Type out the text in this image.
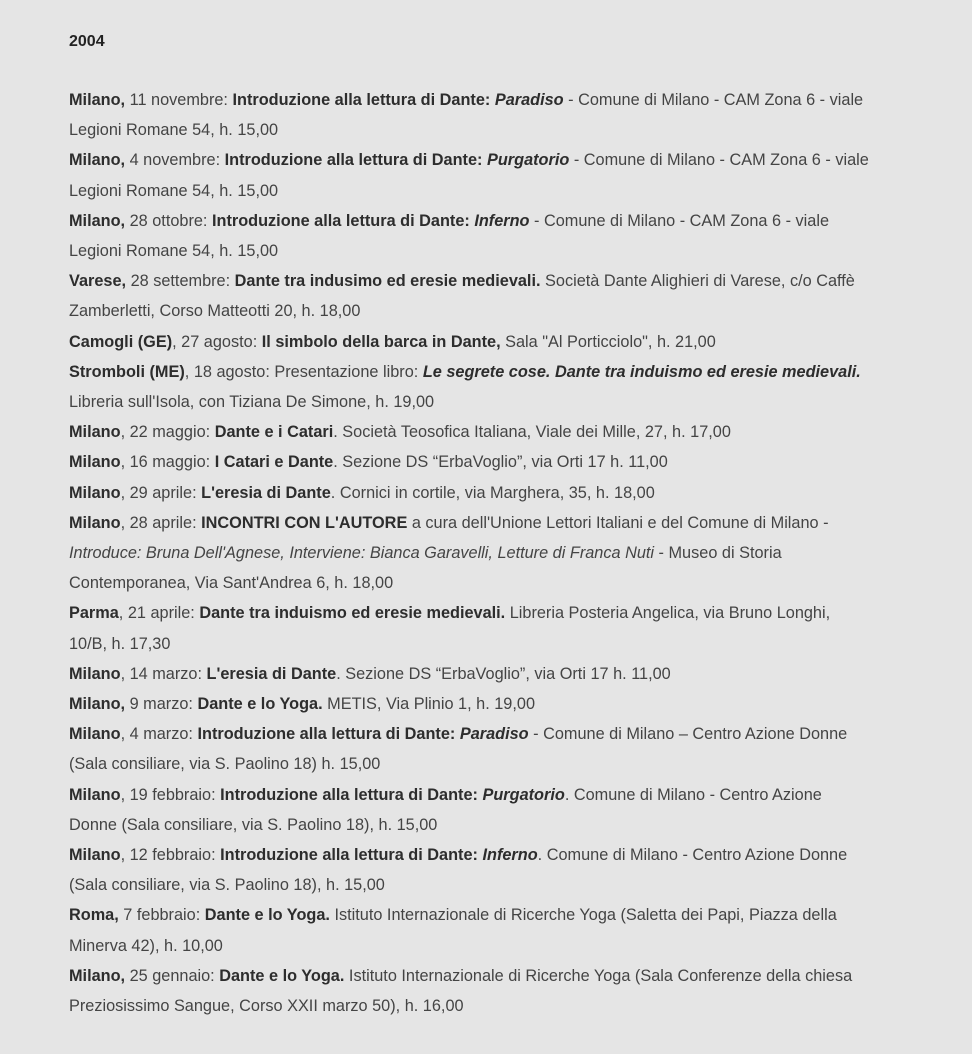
2004

Milano, 11 novembre: Introduzione alla lettura di Dante: Paradiso - Comune di Milano - CAM Zona 6 - viale Legioni Romane 54, h. 15,00

Milano, 4 novembre: Introduzione alla lettura di Dante: Purgatorio - Comune di Milano - CAM Zona 6 - viale Legioni Romane 54, h. 15,00

Milano, 28 ottobre: Introduzione alla lettura di Dante: Inferno - Comune di Milano - CAM Zona 6 - viale Legioni Romane 54, h. 15,00

Varese, 28 settembre: Dante tra indusimo ed eresie medievali. Società Dante Alighieri di Varese, c/o Caffè Zamberletti, Corso Matteotti 20, h. 18,00

Camogli (GE), 27 agosto: Il simbolo della barca in Dante, Sala "Al Porticciolo", h. 21,00

Stromboli (ME), 18 agosto: Presentazione libro: Le segrete cose. Dante tra induismo ed eresie medievali. Libreria sull'Isola, con Tiziana De Simone, h. 19,00

Milano, 22 maggio: Dante e i Catari. Società Teosofica Italiana, Viale dei Mille, 27, h. 17,00

Milano, 16 maggio: I Catari e Dante. Sezione DS “ErbaVoglio”, via Orti 17 h. 11,00

Milano, 29 aprile: L'eresia di Dante. Cornici in cortile, via Marghera, 35, h. 18,00

Milano, 28 aprile: INCONTRI CON L'AUTORE a cura dell'Unione Lettori Italiani e del Comune di Milano - Introduce: Bruna Dell'Agnese, Interviene: Bianca Garavelli, Letture di Franca Nuti - Museo di Storia Contemporanea, Via Sant'Andrea 6, h. 18,00

Parma, 21 aprile: Dante tra induismo ed eresie medievali. Libreria Posteria Angelica, via Bruno Longhi, 10/B, h. 17,30

Milano, 14 marzo: L'eresia di Dante. Sezione DS “ErbaVoglio”, via Orti 17 h. 11,00

Milano, 9 marzo: Dante e lo Yoga. METIS, Via Plinio 1, h. 19,00

Milano, 4 marzo: Introduzione alla lettura di Dante: Paradiso - Comune di Milano – Centro Azione Donne (Sala consiliare, via S. Paolino 18) h. 15,00

Milano, 19 febbraio: Introduzione alla lettura di Dante: Purgatorio. Comune di Milano - Centro Azione Donne (Sala consiliare, via S. Paolino 18), h. 15,00

Milano, 12 febbraio: Introduzione alla lettura di Dante: Inferno. Comune di Milano - Centro Azione Donne (Sala consiliare, via S. Paolino 18), h. 15,00

Roma, 7 febbraio: Dante e lo Yoga. Istituto Internazionale di Ricerche Yoga (Saletta dei Papi, Piazza della Minerva 42), h. 10,00

Milano, 25 gennaio: Dante e lo Yoga. Istituto Internazionale di Ricerche Yoga (Sala Conferenze della chiesa Preziosissimo Sangue, Corso XXII marzo 50), h. 16,00
